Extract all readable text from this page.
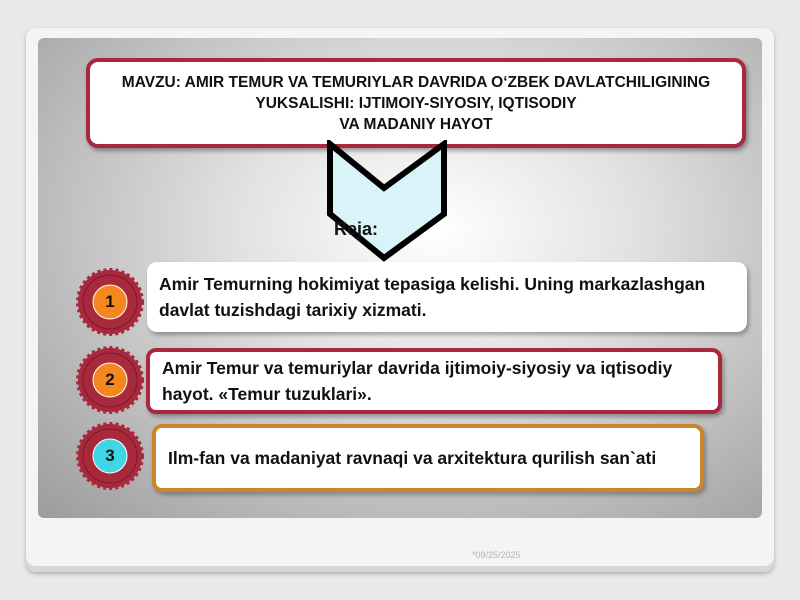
MAVZU: AMIR TEMUR VA TEMURIYLAR DAVRIDA O‘ZBEK DAVLATCHILIGINING
YUKSALISHI: IJTIMOIY-SIYOSIY, IQTISODIY
VA MADANIY HAYOT
Reja:
1
Amir Temurning hokimiyat tepasiga kelishi. Uning markazlashgan davlat tuzishdagi tarixiy xizmati.
2
Amir Temur va temuriylar davrida ijtimoiy-siyosiy va iqtisodiy hayot. «Temur tuzuklari».
3	Ilm-fan va madaniyat ravnaqi va arxitektura qurilish san`ati
*09/25/2025
